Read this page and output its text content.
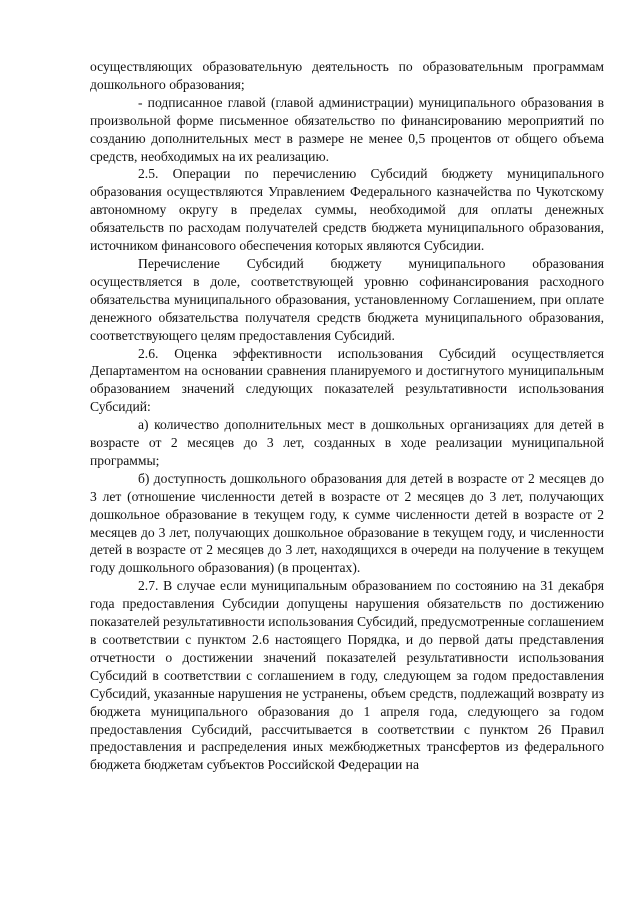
осуществляющих образовательную деятельность по образовательным программам дошкольного образования;

- подписанное главой (главой администрации) муниципального образования в произвольной форме письменное обязательство по финансированию мероприятий по созданию дополнительных мест в размере не менее 0,5 процентов от общего объема средств, необходимых на их реализацию.

2.5. Операции по перечислению Субсидий бюджету муниципального образования осуществляются Управлением Федерального казначейства по Чукотскому автономному округу в пределах суммы, необходимой для оплаты денежных обязательств по расходам получателей средств бюджета муниципального образования, источником финансового обеспечения которых являются Субсидии.

Перечисление Субсидий бюджету муниципального образования осуществляется в доле, соответствующей уровню софинансирования расходного обязательства муниципального образования, установленному Соглашением, при оплате денежного обязательства получателя средств бюджета муниципального образования, соответствующего целям предоставления Субсидий.

2.6. Оценка эффективности использования Субсидий осуществляется Департаментом на основании сравнения планируемого и достигнутого муниципальным образованием значений следующих показателей результативности использования Субсидий:

а) количество дополнительных мест в дошкольных организациях для детей в возрасте от 2 месяцев до 3 лет, созданных в ходе реализации муниципальной программы;

б) доступность дошкольного образования для детей в возрасте от 2 месяцев до 3 лет (отношение численности детей в возрасте от 2 месяцев до 3 лет, получающих дошкольное образование в текущем году, к сумме численности детей в возрасте от 2 месяцев до 3 лет, получающих дошкольное образование в текущем году, и численности детей в возрасте от 2 месяцев до 3 лет, находящихся в очереди на получение в текущем году дошкольного образования) (в процентах).

2.7. В случае если муниципальным образованием по состоянию на 31 декабря года предоставления Субсидии допущены нарушения обязательств по достижению показателей результативности использования Субсидий, предусмотренные соглашением в соответствии с пунктом 2.6 настоящего Порядка, и до первой даты представления отчетности о достижении значений показателей результативности использования Субсидий в соответствии с соглашением в году, следующем за годом предоставления Субсидий, указанные нарушения не устранены, объем средств, подлежащий возврату из бюджета муниципального образования до 1 апреля года, следующего за годом предоставления Субсидий, рассчитывается в соответствии с пунктом 26 Правил предоставления и распределения иных межбюджетных трансфертов из федерального бюджета бюджетам субъектов Российской Федерации на
